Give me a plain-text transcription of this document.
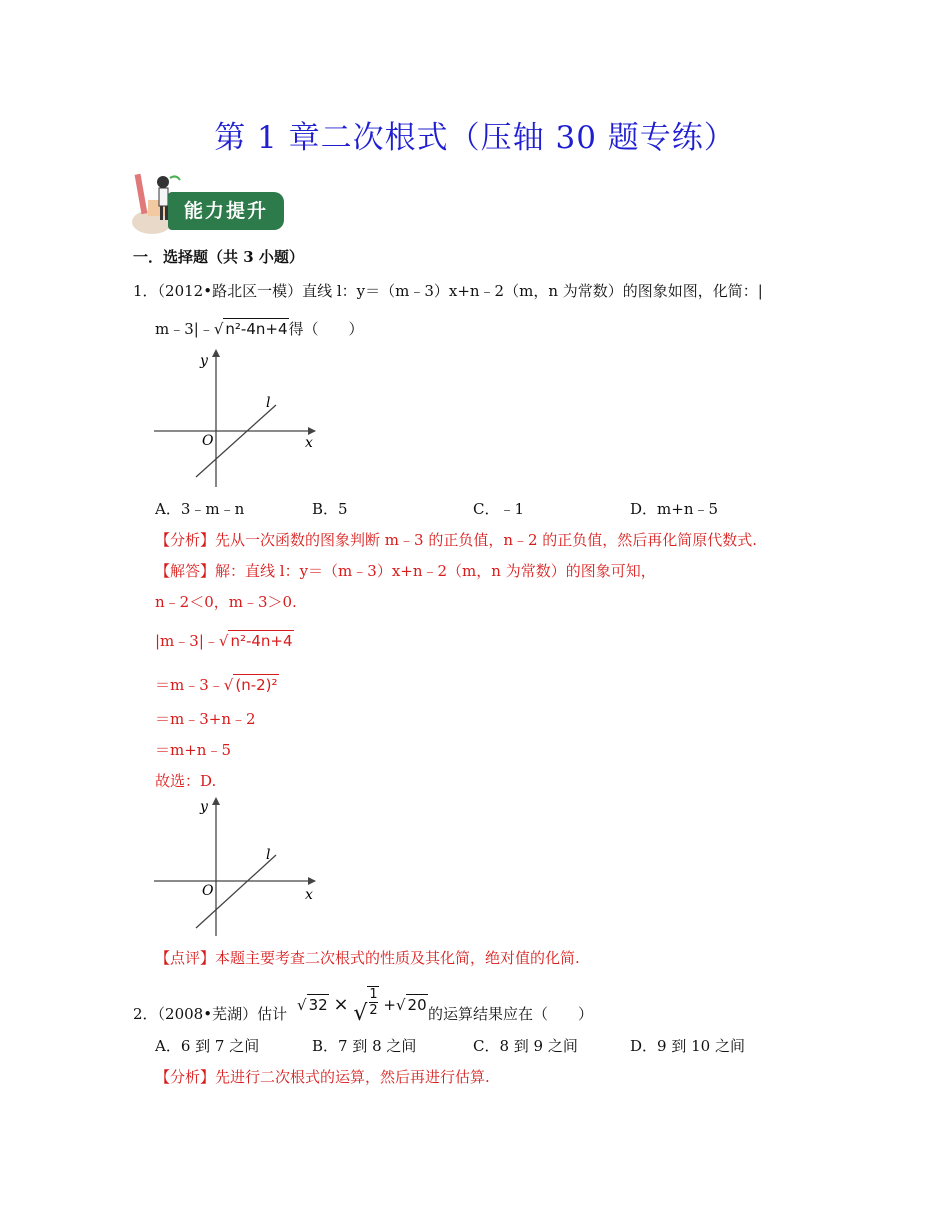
第 1 章二次根式（压轴 30 题专练）
能力提升
一．选择题（共 3 小题）
1．（2012•路北区一模）直线 l：y＝（m﹣3）x+n﹣2（m，n 为常数）的图象如图，化简：|
m﹣3|﹣√ n²-4n+4得（　　）
y
x
O
l
A．3﹣m﹣n	B．5	C．﹣1	D．m+n﹣5
【分析】先从一次函数的图象判断 m﹣3 的正负值，n﹣2 的正负值，然后再化简原代数式.
【解答】解：直线 l：y＝（m﹣3）x+n﹣2（m，n 为常数）的图象可知，
n﹣2＜0，m﹣3＞0.
|m﹣3|﹣√ n²-4n+4
＝m﹣3﹣√ (n-2)²
＝m﹣3+n﹣2
＝m+n﹣5
故选：D.
y
x
O
l
【点评】本题主要考查二次根式的性质及其化简，绝对值的化简.
2．（2008•芜湖）估计 √ 32 × √ $\frac{1}{2}$ +√ 20 的运算结果应在（　　）
A．6 到 7 之间	B．7 到 8 之间	C．8 到 9 之间	D．9 到 10 之间
【分析】先进行二次根式的运算，然后再进行估算.
